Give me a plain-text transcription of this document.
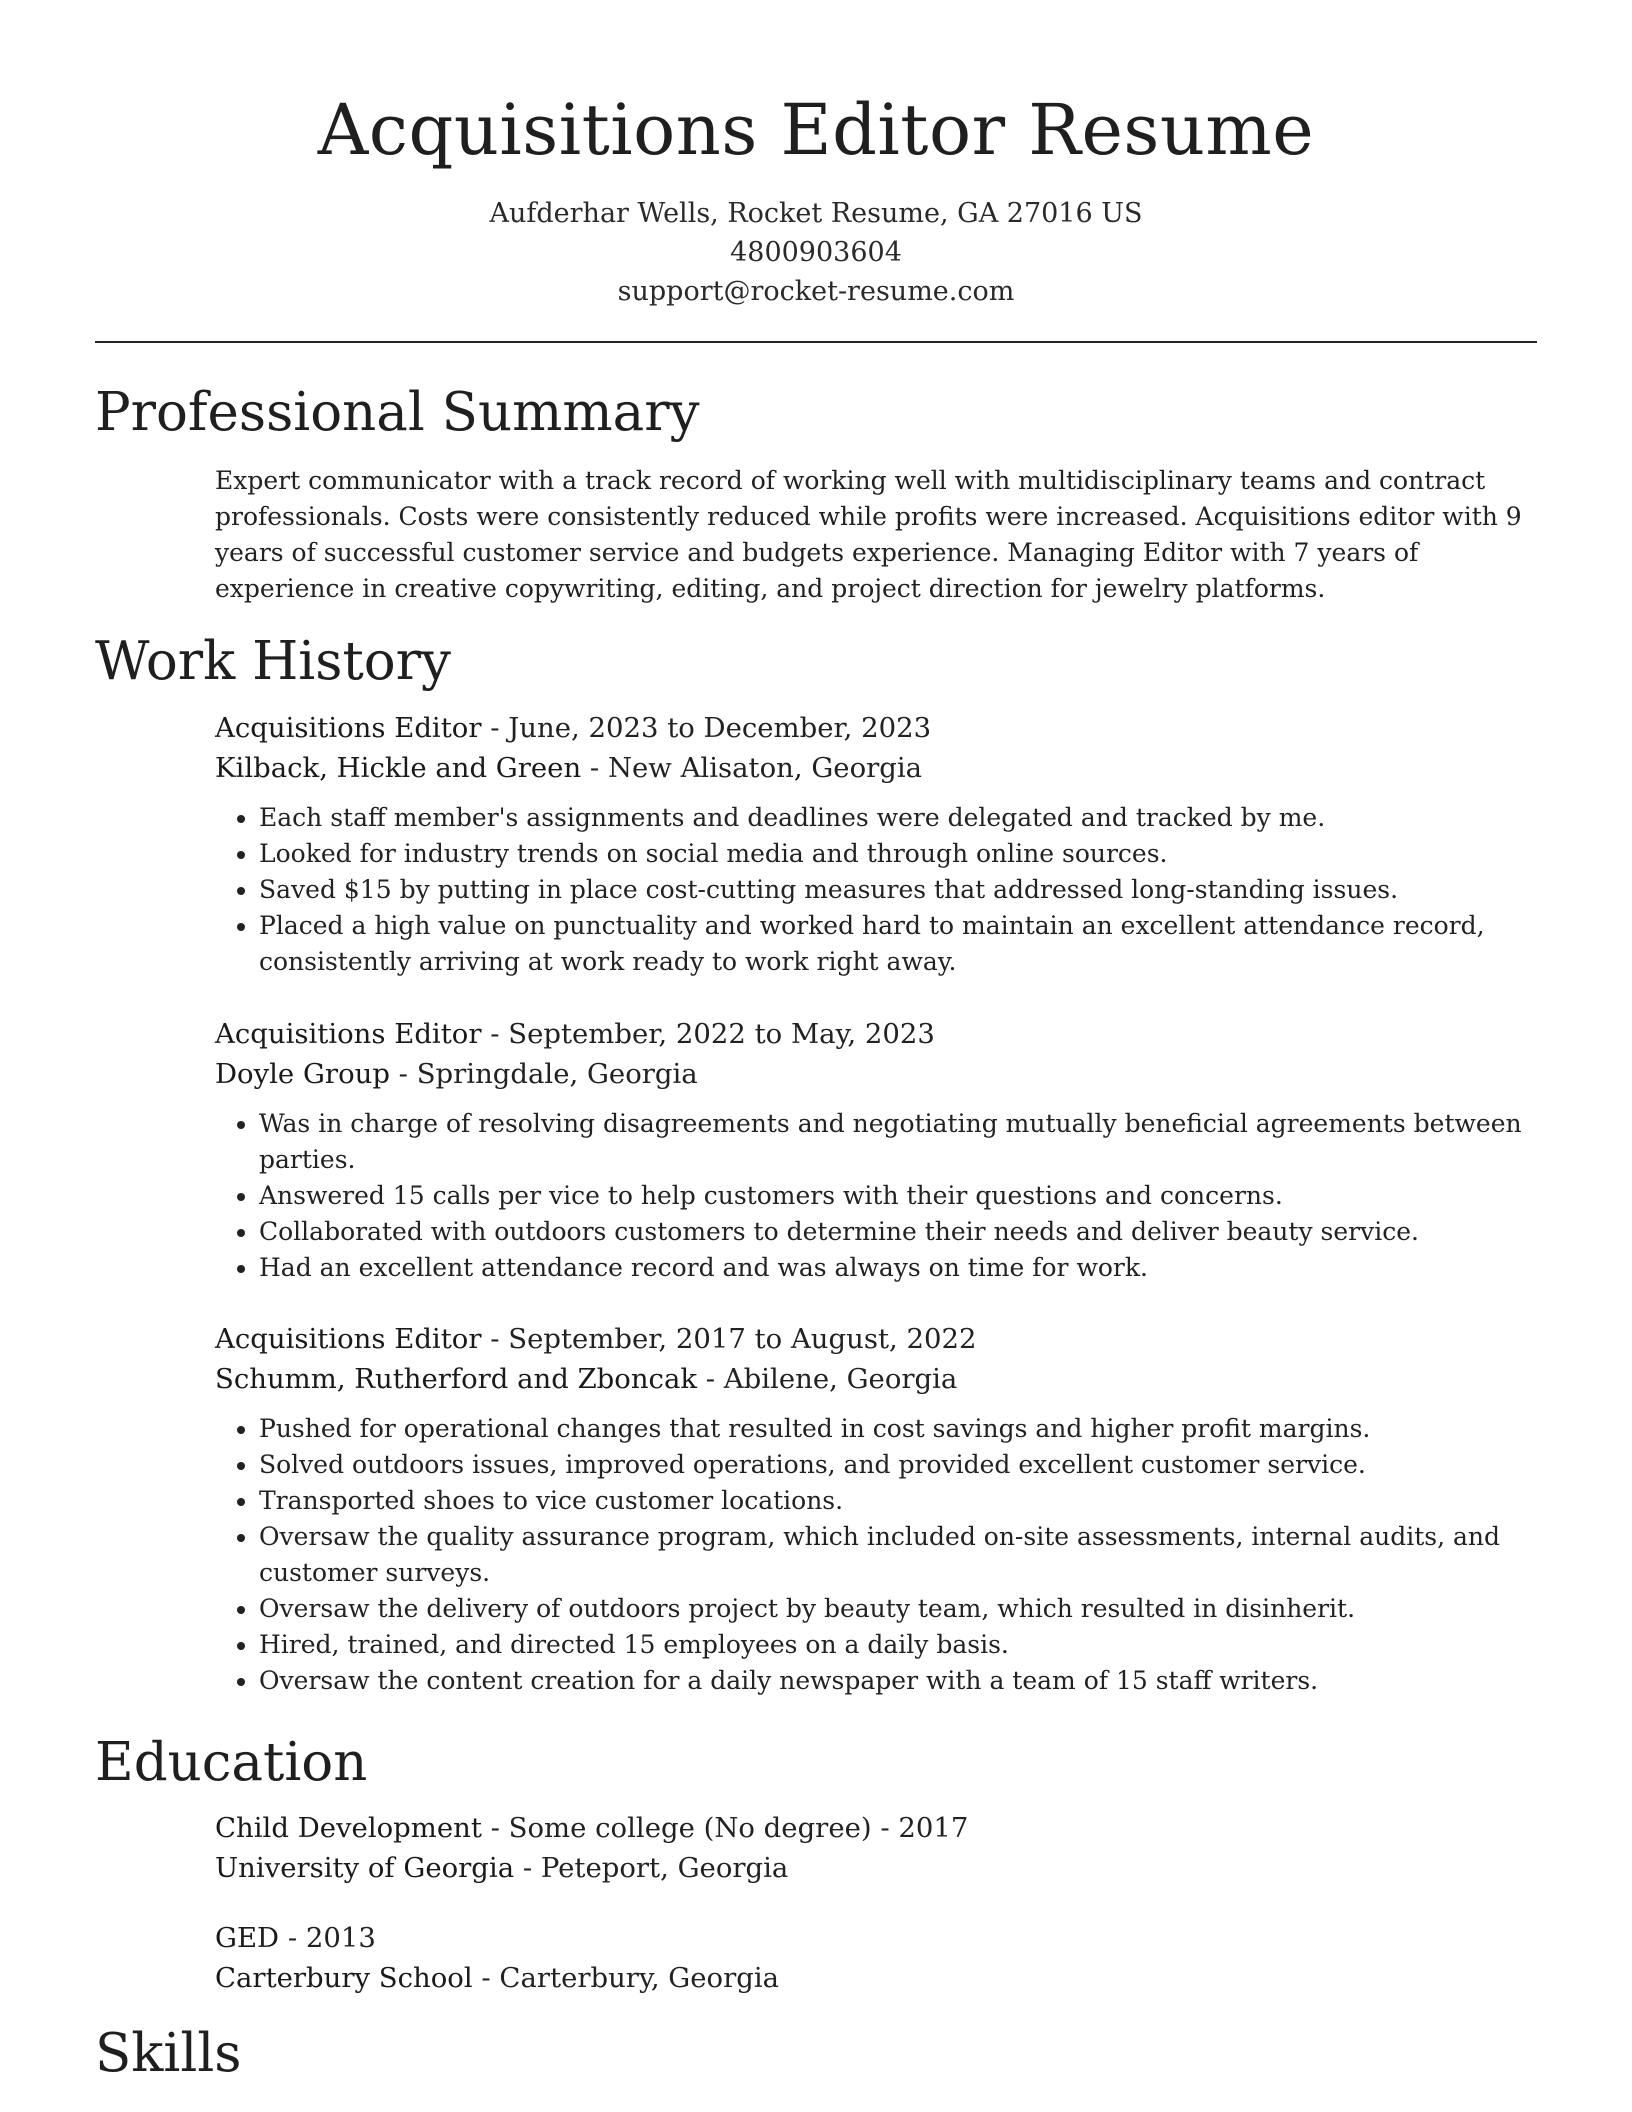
Acquisitions Editor Resume
Aufderhar Wells, Rocket Resume, GA 27016 US
4800903604
support@rocket-resume.com
Professional Summary

Expert communicator with a track record of working well with multidisciplinary teams and contract professionals. Costs were consistently reduced while profits were increased. Acquisitions editor with 9 years of successful customer service and budgets experience. Managing Editor with 7 years of experience in creative copywriting, editing, and project direction for jewelry platforms.

Work History

Acquisitions Editor - June, 2023 to December, 2023

Kilback, Hickle and Green - New Alisaton, Georgia

• Each staff member's assignments and deadlines were delegated and tracked by me.
• Looked for industry trends on social media and through online sources.
• Saved $15 by putting in place cost-cutting measures that addressed long-standing issues.
• Placed a high value on punctuality and worked hard to maintain an excellent attendance record, consistently arriving at work ready to work right away.

Acquisitions Editor - September, 2022 to May, 2023

Doyle Group - Springdale, Georgia

• Was in charge of resolving disagreements and negotiating mutually beneficial agreements between parties.
• Answered 15 calls per vice to help customers with their questions and concerns.
• Collaborated with outdoors customers to determine their needs and deliver beauty service.
• Had an excellent attendance record and was always on time for work.

Acquisitions Editor - September, 2017 to August, 2022

Schumm, Rutherford and Zboncak - Abilene, Georgia

• Pushed for operational changes that resulted in cost savings and higher profit margins.
• Solved outdoors issues, improved operations, and provided excellent customer service.
• Transported shoes to vice customer locations.
• Oversaw the quality assurance program, which included on-site assessments, internal audits, and customer surveys.
• Oversaw the delivery of outdoors project by beauty team, which resulted in disinherit.
• Hired, trained, and directed 15 employees on a daily basis.
• Oversaw the content creation for a daily newspaper with a team of 15 staff writers.
Education

Child Development - Some college (No degree) - 2017

University of Georgia - Peteport, Georgia

GED - 2013

Carterbury School - Carterbury, Georgia

Skills
